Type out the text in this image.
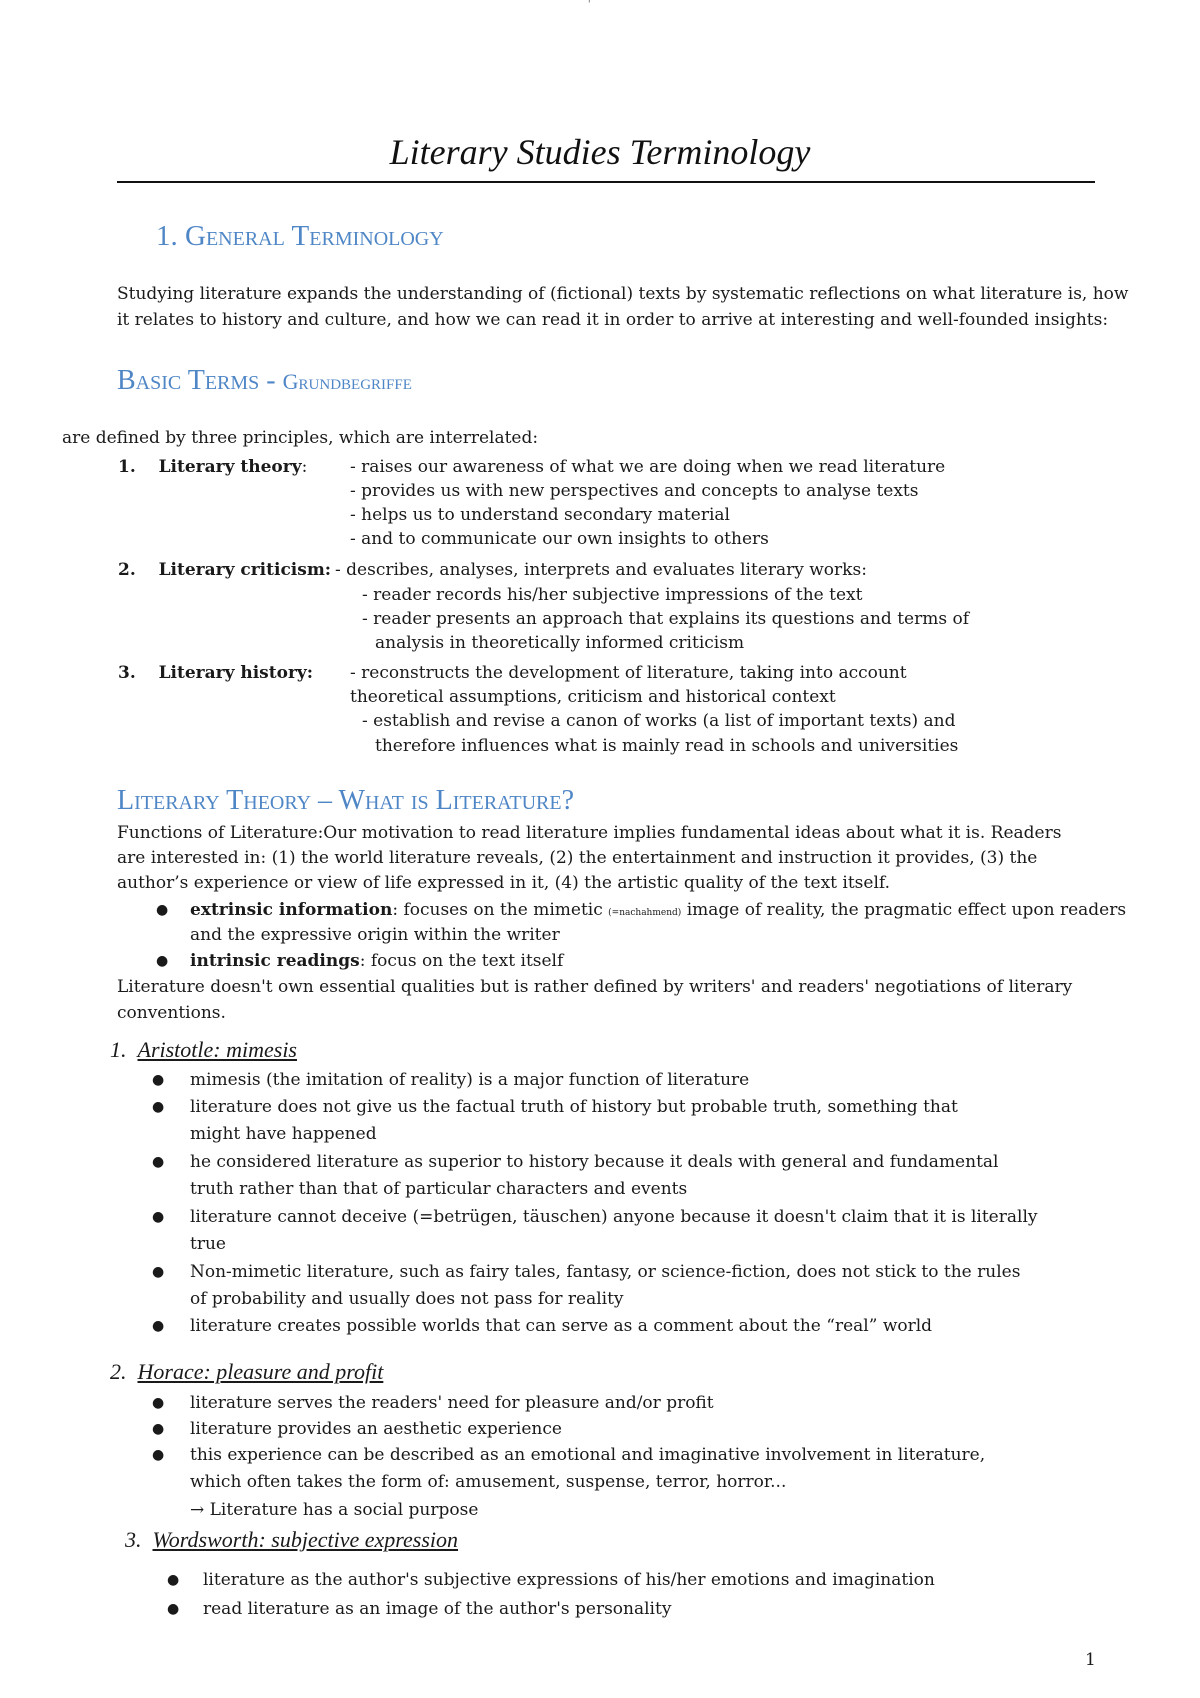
'
Literary Studies Terminology
1. General Terminology
Studying literature expands the understanding of (fictional) texts by systematic reflections on what literature is, how
it relates to history and culture, and how we can read it in order to arrive at interesting and well-founded insights:
Basic Terms - Grundbegriffe
are defined by three principles, which are interrelated:
1. Literary theory:	- raises our awareness of what we are doing when we read literature
- provides us with new perspectives and concepts to analyse texts
- helps us to understand secondary material
- and to communicate our own insights to others
2. Literary criticism: - describes, analyses, interprets and evaluates literary works:
- reader records his/her subjective impressions of the text
- reader presents an approach that explains its questions and terms of
analysis in theoretically informed criticism
3. Literary history: - reconstructs the development of literature, taking into account
theoretical assumptions, criticism and historical context
- establish and revise a canon of works (a list of important texts) and
therefore influences what is mainly read in schools and universities
Literary Theory – What is Literature?
Functions of Literature:Our motivation to read literature implies fundamental ideas about what it is. Readers
are interested in: (1) the world literature reveals, (2) the entertainment and instruction it provides, (3) the
author’s experience or view of life expressed in it, (4) the artistic quality of the text itself.
● extrinsic information: focuses on the mimetic (=nachahmend) image of reality, the pragmatic effect upon readers
and the expressive origin within the writer
● intrinsic readings: focus on the text itself
Literature doesn't own essential qualities but is rather defined by writers' and readers' negotiations of literary
conventions.
1. Aristotle: mimesis
● mimesis (the imitation of reality) is a major function of literature
● literature does not give us the factual truth of history but probable truth, something that
might have happened
● he considered literature as superior to history because it deals with general and fundamental
truth rather than that of particular characters and events
● literature cannot deceive (=betrügen, täuschen) anyone because it doesn't claim that it is literally
true
● Non-mimetic literature, such as fairy tales, fantasy, or science-fiction, does not stick to the rules
of probability and usually does not pass for reality
● literature creates possible worlds that can serve as a comment about the “real” world
2. Horace: pleasure and profit
● literature serves the readers' need for pleasure and/or profit
● literature provides an aesthetic experience
● this experience can be described as an emotional and imaginative involvement in literature,
which often takes the form of: amusement, suspense, terror, horror...
→ Literature has a social purpose
3. Wordsworth: subjective expression
● literature as the author's subjective expressions of his/her emotions and imagination
● read literature as an image of the author's personality
1
